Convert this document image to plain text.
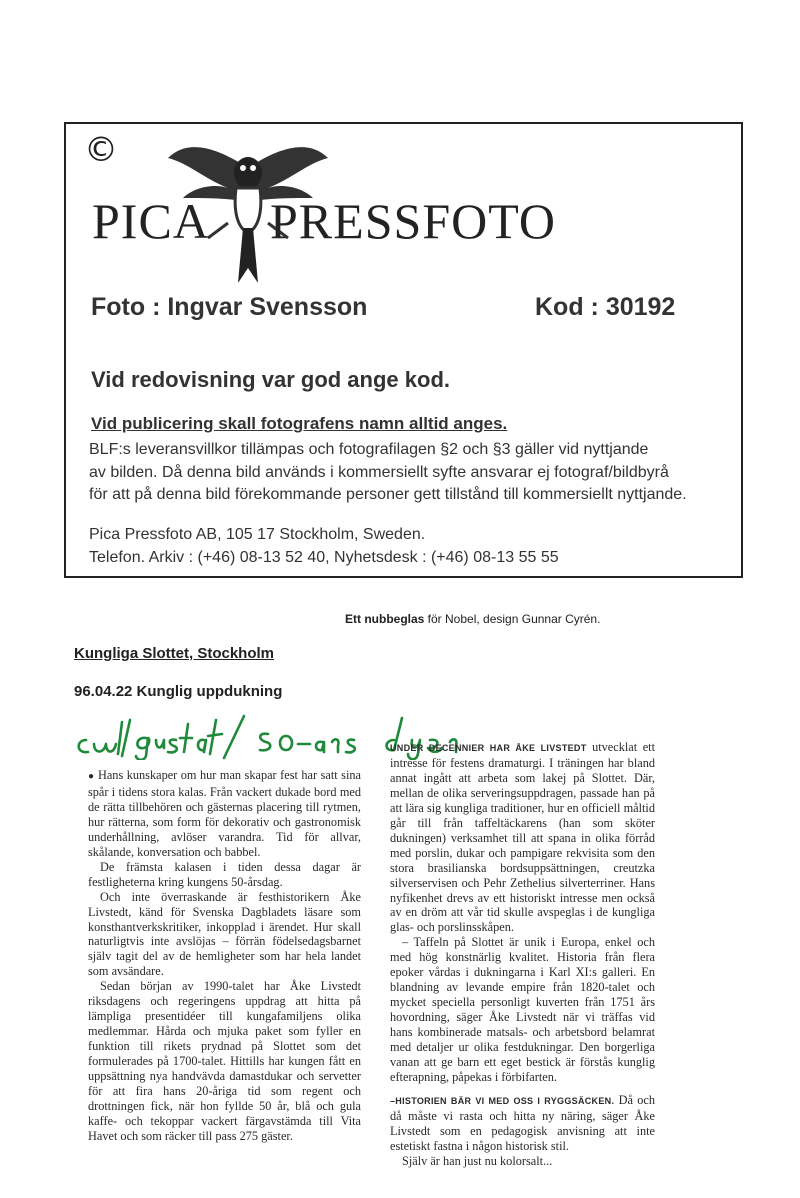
©
PICA PRESSFOTO
Foto : Ingvar Svensson	Kod : 30192
Vid redovisning var god ange kod.
Vid publicering skall fotografens namn alltid anges.
BLF:s leveransvillkor tillämpas och fotografilagen §2 och §3 gäller vid nyttjande
av bilden. Då denna bild används i kommersiellt syfte ansvarar ej fotograf/bildbyrå
för att på denna bild förekommande personer gett tillstånd till kommersiellt nyttjande.
Pica Pressfoto AB, 105 17 Stockholm, Sweden.
Telefon. Arkiv : (+46) 08-13 52 40, Nyhetsdesk : (+46) 08-13 55 55
Ett nubbeglas för Nobel, design Gunnar Cyrén.
Kungliga Slottet, Stockholm
96.04.22 Kunglig uppdukning

● Hans kunskaper om hur man skapar fest har satt sina spår i tidens stora kalas. Från vackert dukade bord med de rätta tillbehören och gästernas placering till rytmen, hur rätterna, som form för dekorativ och gastronomisk underhållning, avlöser varandra. Tid för allvar, skålande, konversation och babbel.

De främsta kalasen i tiden dessa dagar är festligheterna kring kungens 50-årsdag.

Och inte överraskande är festhistorikern Åke Livstedt, känd för Svenska Dagbladets läsare som konsthantverkskritiker, inkopplad i ärendet. Hur skall naturligtvis inte avslöjas – förrän födelsedagsbarnet själv tagit del av de hemligheter som har hela landet som avsändare.

Sedan början av 1990-talet har Åke Livstedt riksdagens och regeringens uppdrag att hitta på lämpliga presentidéer till kungafamiljens olika medlemmar. Hårda och mjuka paket som fyller en funktion till rikets prydnad på Slottet som det formulerades på 1700-talet. Hittills har kungen fått en uppsättning nya handvävda damastdukar och servetter för att fira hans 20-åriga tid som regent och drottningen fick, när hon fyllde 50 år, blå och gula kaffe- och tekoppar vackert färgavstämda till Vita Havet och som räcker till pass 275 gäster.

UNDER DECENNIER HAR ÅKE LIVSTEDT utvecklat ett intresse för festens dramaturgi. I träningen har bland annat ingått att arbeta som lakej på Slottet. Där, mellan de olika serveringsuppdragen, passade han på att lära sig kungliga traditioner, hur en officiell måltid går till från taffeltäckarens (han som sköter dukningen) verksamhet till att spana in olika förråd med porslin, dukar och pampigare rekvisita som den stora brasilianska bordsuppsättningen, creutzka silverservisen och Pehr Zethelius silverterriner. Hans nyfikenhet drevs av ett historiskt intresse men också av en dröm att vår tid skulle avspeglas i de kungliga glas- och porslinsskåpen.

– Taffeln på Slottet är unik i Europa, enkel och med hög konstnärlig kvalitet. Historia från flera epoker vårdas i dukningarna i Karl XI:s galleri. En blandning av levande empire från 1820-talet och mycket speciella personligt kuverten från 1751 års hovordning, säger Åke Livstedt när vi träffas vid hans kombinerade matsals- och arbetsbord belamrat med detaljer ur olika festdukningar. Den borgerliga vanan att ge barn ett eget bestick är förstås kunglig efterapning, påpekas i förbifarten.

–HISTORIEN BÄR VI MED OSS I RYGGSÄCKEN. Då och då måste vi rasta och hitta ny näring, säger Åke Livstedt som en pedagogisk anvisning att inte estetiskt fastna i någon historisk stil.

Själv är han just nu kolorsalt...
